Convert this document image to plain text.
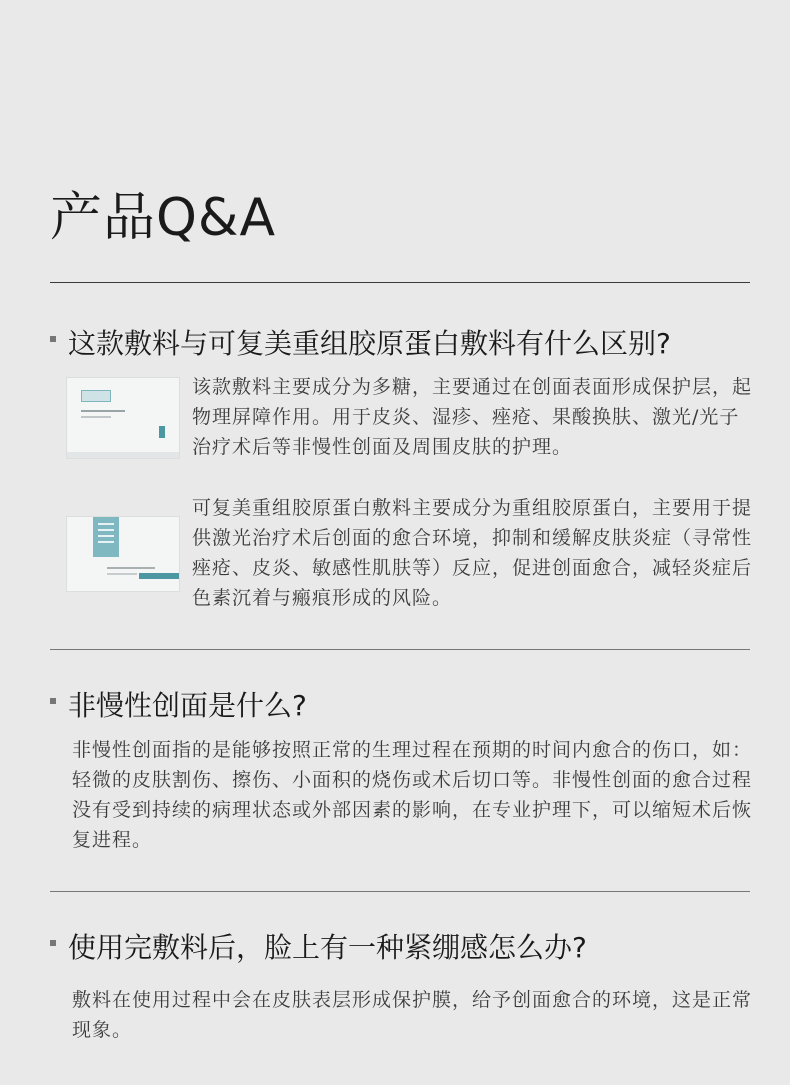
产品Q&A
这款敷料与可复美重组胶原蛋白敷料有什么区别?

该款敷料主要成分为多糖，主要通过在创面表面形成保护层，起物理屏障作用。用于皮炎、湿疹、痤疮、果酸换肤、激光/光子治疗术后等非慢性创面及周围皮肤的护理。

可复美重组胶原蛋白敷料主要成分为重组胶原蛋白，主要用于提供激光治疗术后创面的愈合环境，抑制和缓解皮肤炎症（寻常性痤疮、皮炎、敏感性肌肤等）反应，促进创面愈合，减轻炎症后色素沉着与瘢痕形成的风险。

非慢性创面是什么?

非慢性创面指的是能够按照正常的生理过程在预期的时间内愈合的伤口，如：轻微的皮肤割伤、擦伤、小面积的烧伤或术后切口等。非慢性创面的愈合过程没有受到持续的病理状态或外部因素的影响，在专业护理下，可以缩短术后恢复进程。

使用完敷料后，脸上有一种紧绷感怎么办?

敷料在使用过程中会在皮肤表层形成保护膜，给予创面愈合的环境，这是正常现象。
